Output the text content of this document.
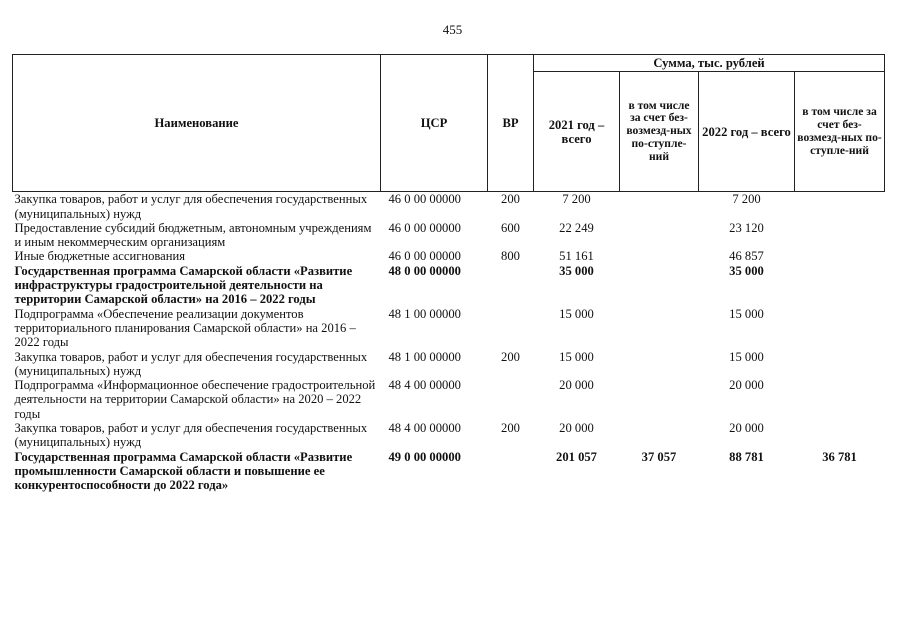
455
Наименование	ЦСР	ВР	Сумма, тыс. рублей			
			2021 год – всего	в том числе за счет без-возмезд-ных по-ступле-ний	2022 год – всего	в том числе за счет без-возмезд-ных по-ступле-ний
Закупка товаров, работ и услуг для обеспечения государственных (муниципальных) нужд	46 0 00 00000	200	7 200		7 200	
Предоставление субсидий бюджетным, автономным учреждениям и иным некоммерческим организациям	46 0 00 00000	600	22 249		23 120	
Иные бюджетные ассигнования	46 0 00 00000	800	51 161		46 857	
Государственная программа Самарской области «Развитие инфраструктуры градостроительной деятельности на территории Самарской области» на 2016 – 2022 годы	48 0 00 00000		35 000		35 000	
Подпрограмма «Обеспечение реализации документов территориального планирования Самарской области» на 2016 – 2022 годы	48 1 00 00000		15 000		15 000	
Закупка товаров, работ и услуг для обеспечения государственных (муниципальных) нужд	48 1 00 00000	200	15 000		15 000	
Подпрограмма «Информационное обеспечение градостроительной деятельности на территории Самарской области» на 2020 – 2022 годы	48 4 00 00000		20 000		20 000	
Закупка товаров, работ и услуг для обеспечения государственных (муниципальных) нужд	48 4 00 00000	200	20 000		20 000	
Государственная программа Самарской области «Развитие промышленности Самарской области и повышение ее конкурентоспособности до 2022 года»	49 0 00 00000		201 057	37 057	88 781	36 781
